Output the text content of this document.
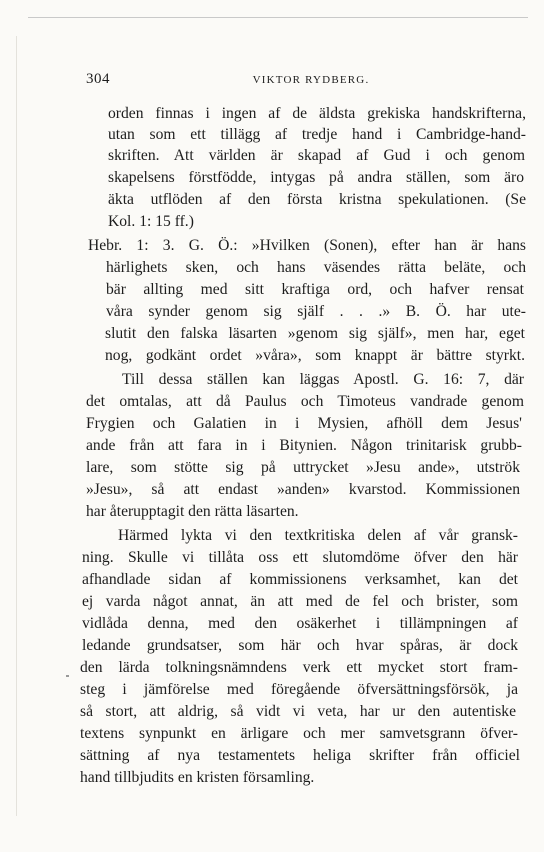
304	VIKTOR RYDBERG.
orden finnas i ingen af de äldsta grekiska handskrifterna,
utan som ett tillägg af tredje hand i Cambridge-hand-
skriften. Att världen är skapad af Gud i och genom
skapelsens förstfödde, intygas på andra ställen, som äro
äkta utflöden af den första kristna spekulationen. (Se
Kol. 1: 15 ff.)
Hebr. 1: 3. G. Ö.: »Hvilken (Sonen), efter han är hans
härlighets sken, och hans väsendes rätta beläte, och
bär allting med sitt kraftiga ord, och hafver rensat
våra synder genom sig själf . . .» B. Ö. har ute-
slutit den falska läsarten »genom sig själf», men har, eget
nog, godkänt ordet »våra», som knappt är bättre styrkt.
Till dessa ställen kan läggas Apostl. G. 16: 7, där
det omtalas, att då Paulus och Timoteus vandrade genom
Frygien och Galatien in i Mysien, afhöll dem Jesus'
ande från att fara in i Bitynien. Någon trinitarisk grubb-
lare, som stötte sig på uttrycket »Jesu ande», utströk
»Jesu», så att endast »anden» kvarstod. Kommissionen
har återupptagit den rätta läsarten.
Härmed lykta vi den textkritiska delen af vår gransk-
ning. Skulle vi tillåta oss ett slutomdöme öfver den här
afhandlade sidan af kommissionens verksamhet, kan det
ej varda något annat, än att med de fel och brister, som
vidlåda denna, med den osäkerhet i tillämpningen af
ledande grundsatser, som här och hvar spåras, är dock
den lärda tolkningsnämndens verk ett mycket stort fram-
steg i jämförelse med föregående öfversättningsförsök, ja
så stort, att aldrig, så vidt vi veta, har ur den autentiske
textens synpunkt en ärligare och mer samvetsgrann öfver-
sättning af nya testamentets heliga skrifter från officiel
hand tillbjudits en kristen församling.
